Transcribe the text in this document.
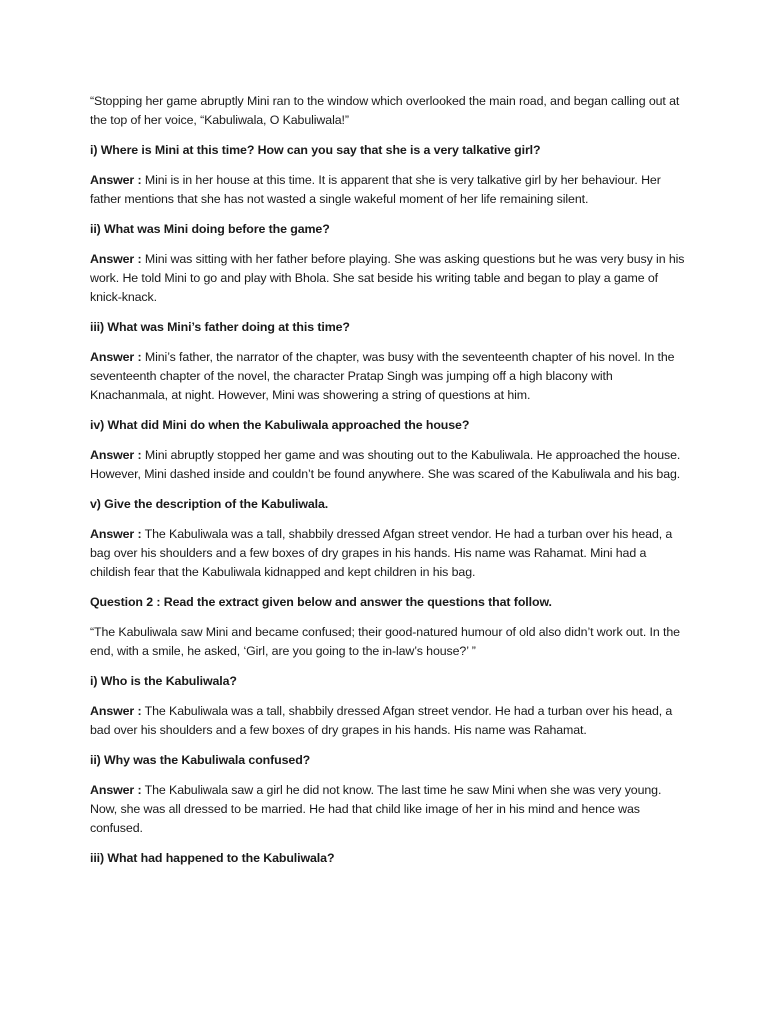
“Stopping her game abruptly Mini ran to the window which overlooked the main road, and began calling out at the top of her voice, “Kabuliwala, O Kabuliwala!”

i) Where is Mini at this time? How can you say that she is a very talkative girl?

Answer : Mini is in her house at this time. It is apparent that she is very talkative girl by her behaviour. Her father mentions that she has not wasted a single wakeful moment of her life remaining silent.

ii) What was Mini doing before the game?

Answer : Mini was sitting with her father before playing. She was asking questions but he was very busy in his work. He told Mini to go and play with Bhola. She sat beside his writing table and began to play a game of knick-knack.

iii) What was Mini’s father doing at this time?

Answer : Mini’s father, the narrator of the chapter, was busy with the seventeenth chapter of his novel. In the seventeenth chapter of the novel, the character Pratap Singh was jumping off a high blacony with Knachanmala, at night. However, Mini was showering a string of questions at him.

iv) What did Mini do when the Kabuliwala approached the house?

Answer : Mini abruptly stopped her game and was shouting out to the Kabuliwala. He approached the house. However, Mini dashed inside and couldn’t be found anywhere. She was scared of the Kabuliwala and his bag.

v) Give the description of the Kabuliwala.

Answer : The Kabuliwala was a tall, shabbily dressed Afgan street vendor. He had a turban over his head, a bag over his shoulders and a few boxes of dry grapes in his hands. His name was Rahamat. Mini had a childish fear that the Kabuliwala kidnapped and kept children in his bag.

Question 2 : Read the extract given below and answer the questions that follow.

“The Kabuliwala saw Mini and became confused; their good-natured humour of old also didn’t work out. In the end, with a smile, he asked, ‘Girl, are you going to the in-law’s house?’ ”

i) Who is the Kabuliwala?

Answer : The Kabuliwala was a tall, shabbily dressed Afgan street vendor. He had a turban over his head, a bad over his shoulders and a few boxes of dry grapes in his hands. His name was Rahamat.

ii) Why was the Kabuliwala confused?

Answer : The Kabuliwala saw a girl he did not know. The last time he saw Mini when she was very young. Now, she was all dressed to be married. He had that child like image of her in his mind and hence was confused.

iii) What had happened to the Kabuliwala?
